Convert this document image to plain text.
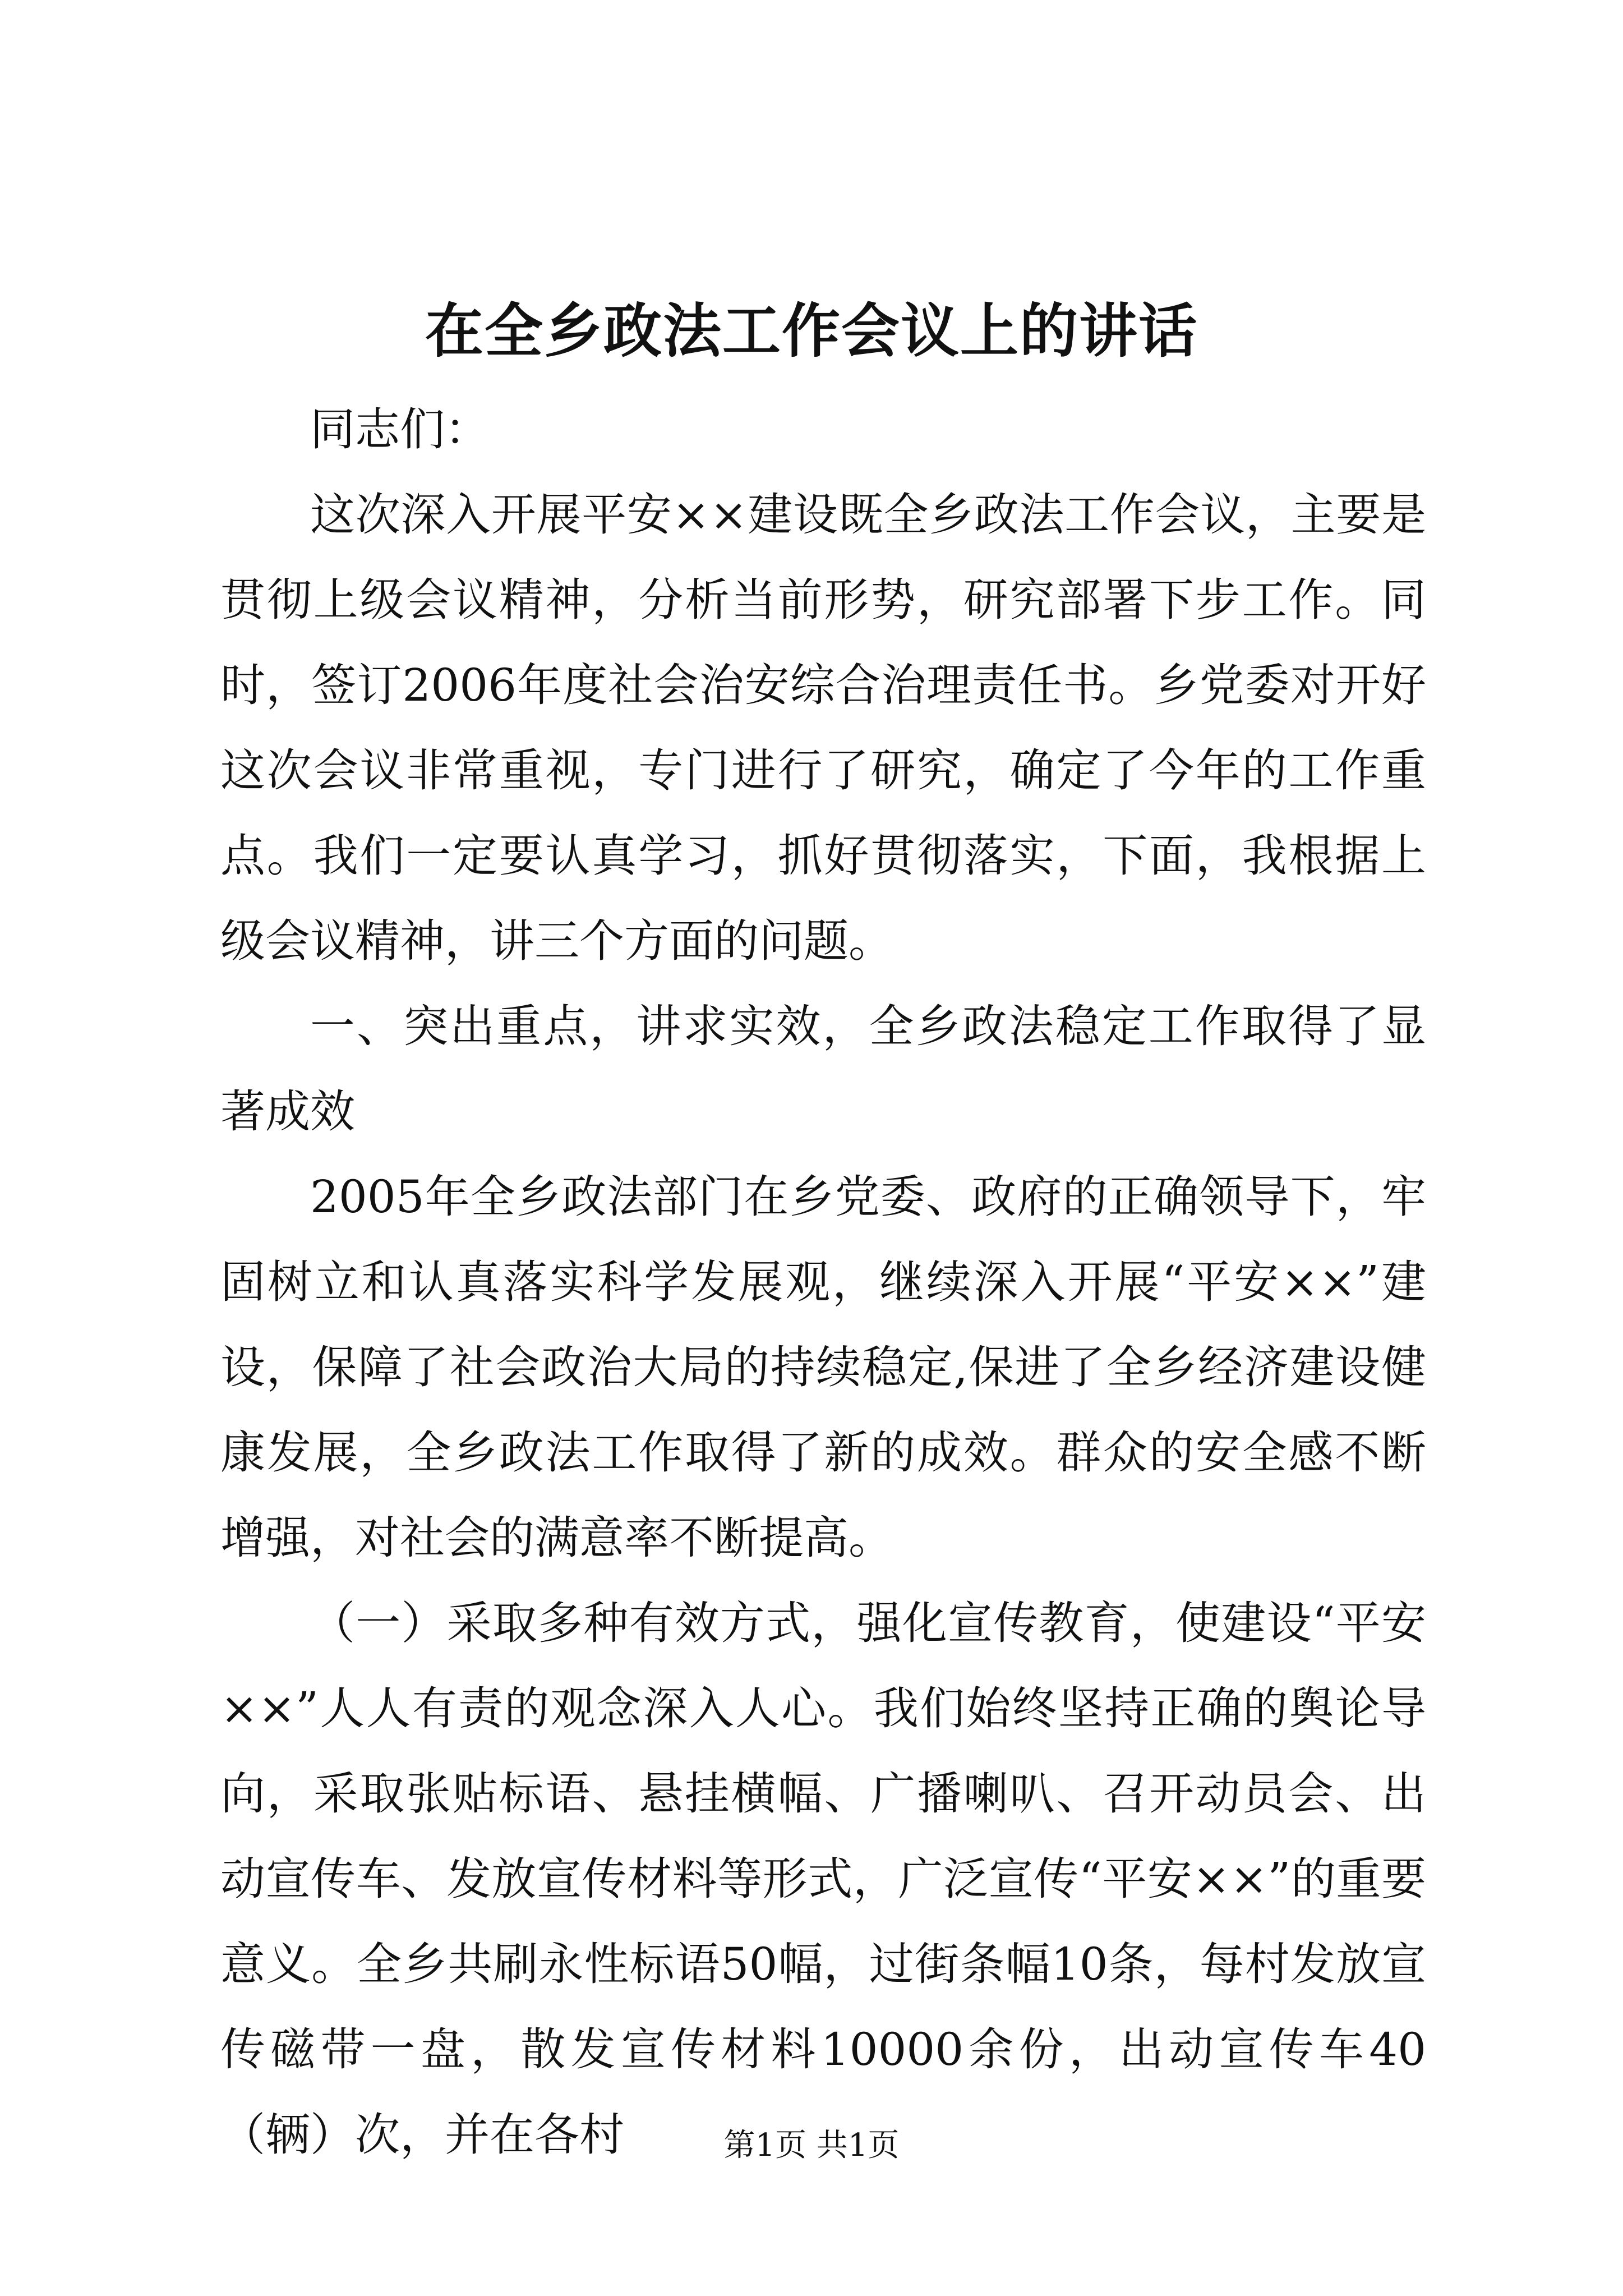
在全乡政法工作会议上的讲话

同志们：

这次深入开展平安××建设既全乡政法工作会议，主要是贯彻上级会议精神，分析当前形势，研究部署下步工作。同时，签订2006年度社会治安综合治理责任书。乡党委对开好这次会议非常重视，专门进行了研究，确定了今年的工作重点。我们一定要认真学习，抓好贯彻落实，下面，我根据上级会议精神，讲三个方面的问题。

一、突出重点，讲求实效，全乡政法稳定工作取得了显著成效

2005年全乡政法部门在乡党委、政府的正确领导下，牢固树立和认真落实科学发展观，继续深入开展“平安××”建设，保障了社会政治大局的持续稳定,保进了全乡经济建设健康发展，全乡政法工作取得了新的成效。群众的安全感不断增强，对社会的满意率不断提高。

（一）采取多种有效方式，强化宣传教育，使建设“平安××”人人有责的观念深入人心。我们始终坚持正确的舆论导向，采取张贴标语、悬挂横幅、广播喇叭、召开动员会、出动宣传车、发放宣传材料等形式，广泛宣传“平安××”的重要意义。全乡共刷永性标语50幅，过街条幅10条，每村发放宣传磁带一盘，散发宣传材料10000余份，出动宣传车40（辆）次，并在各村	第1页 共1页
